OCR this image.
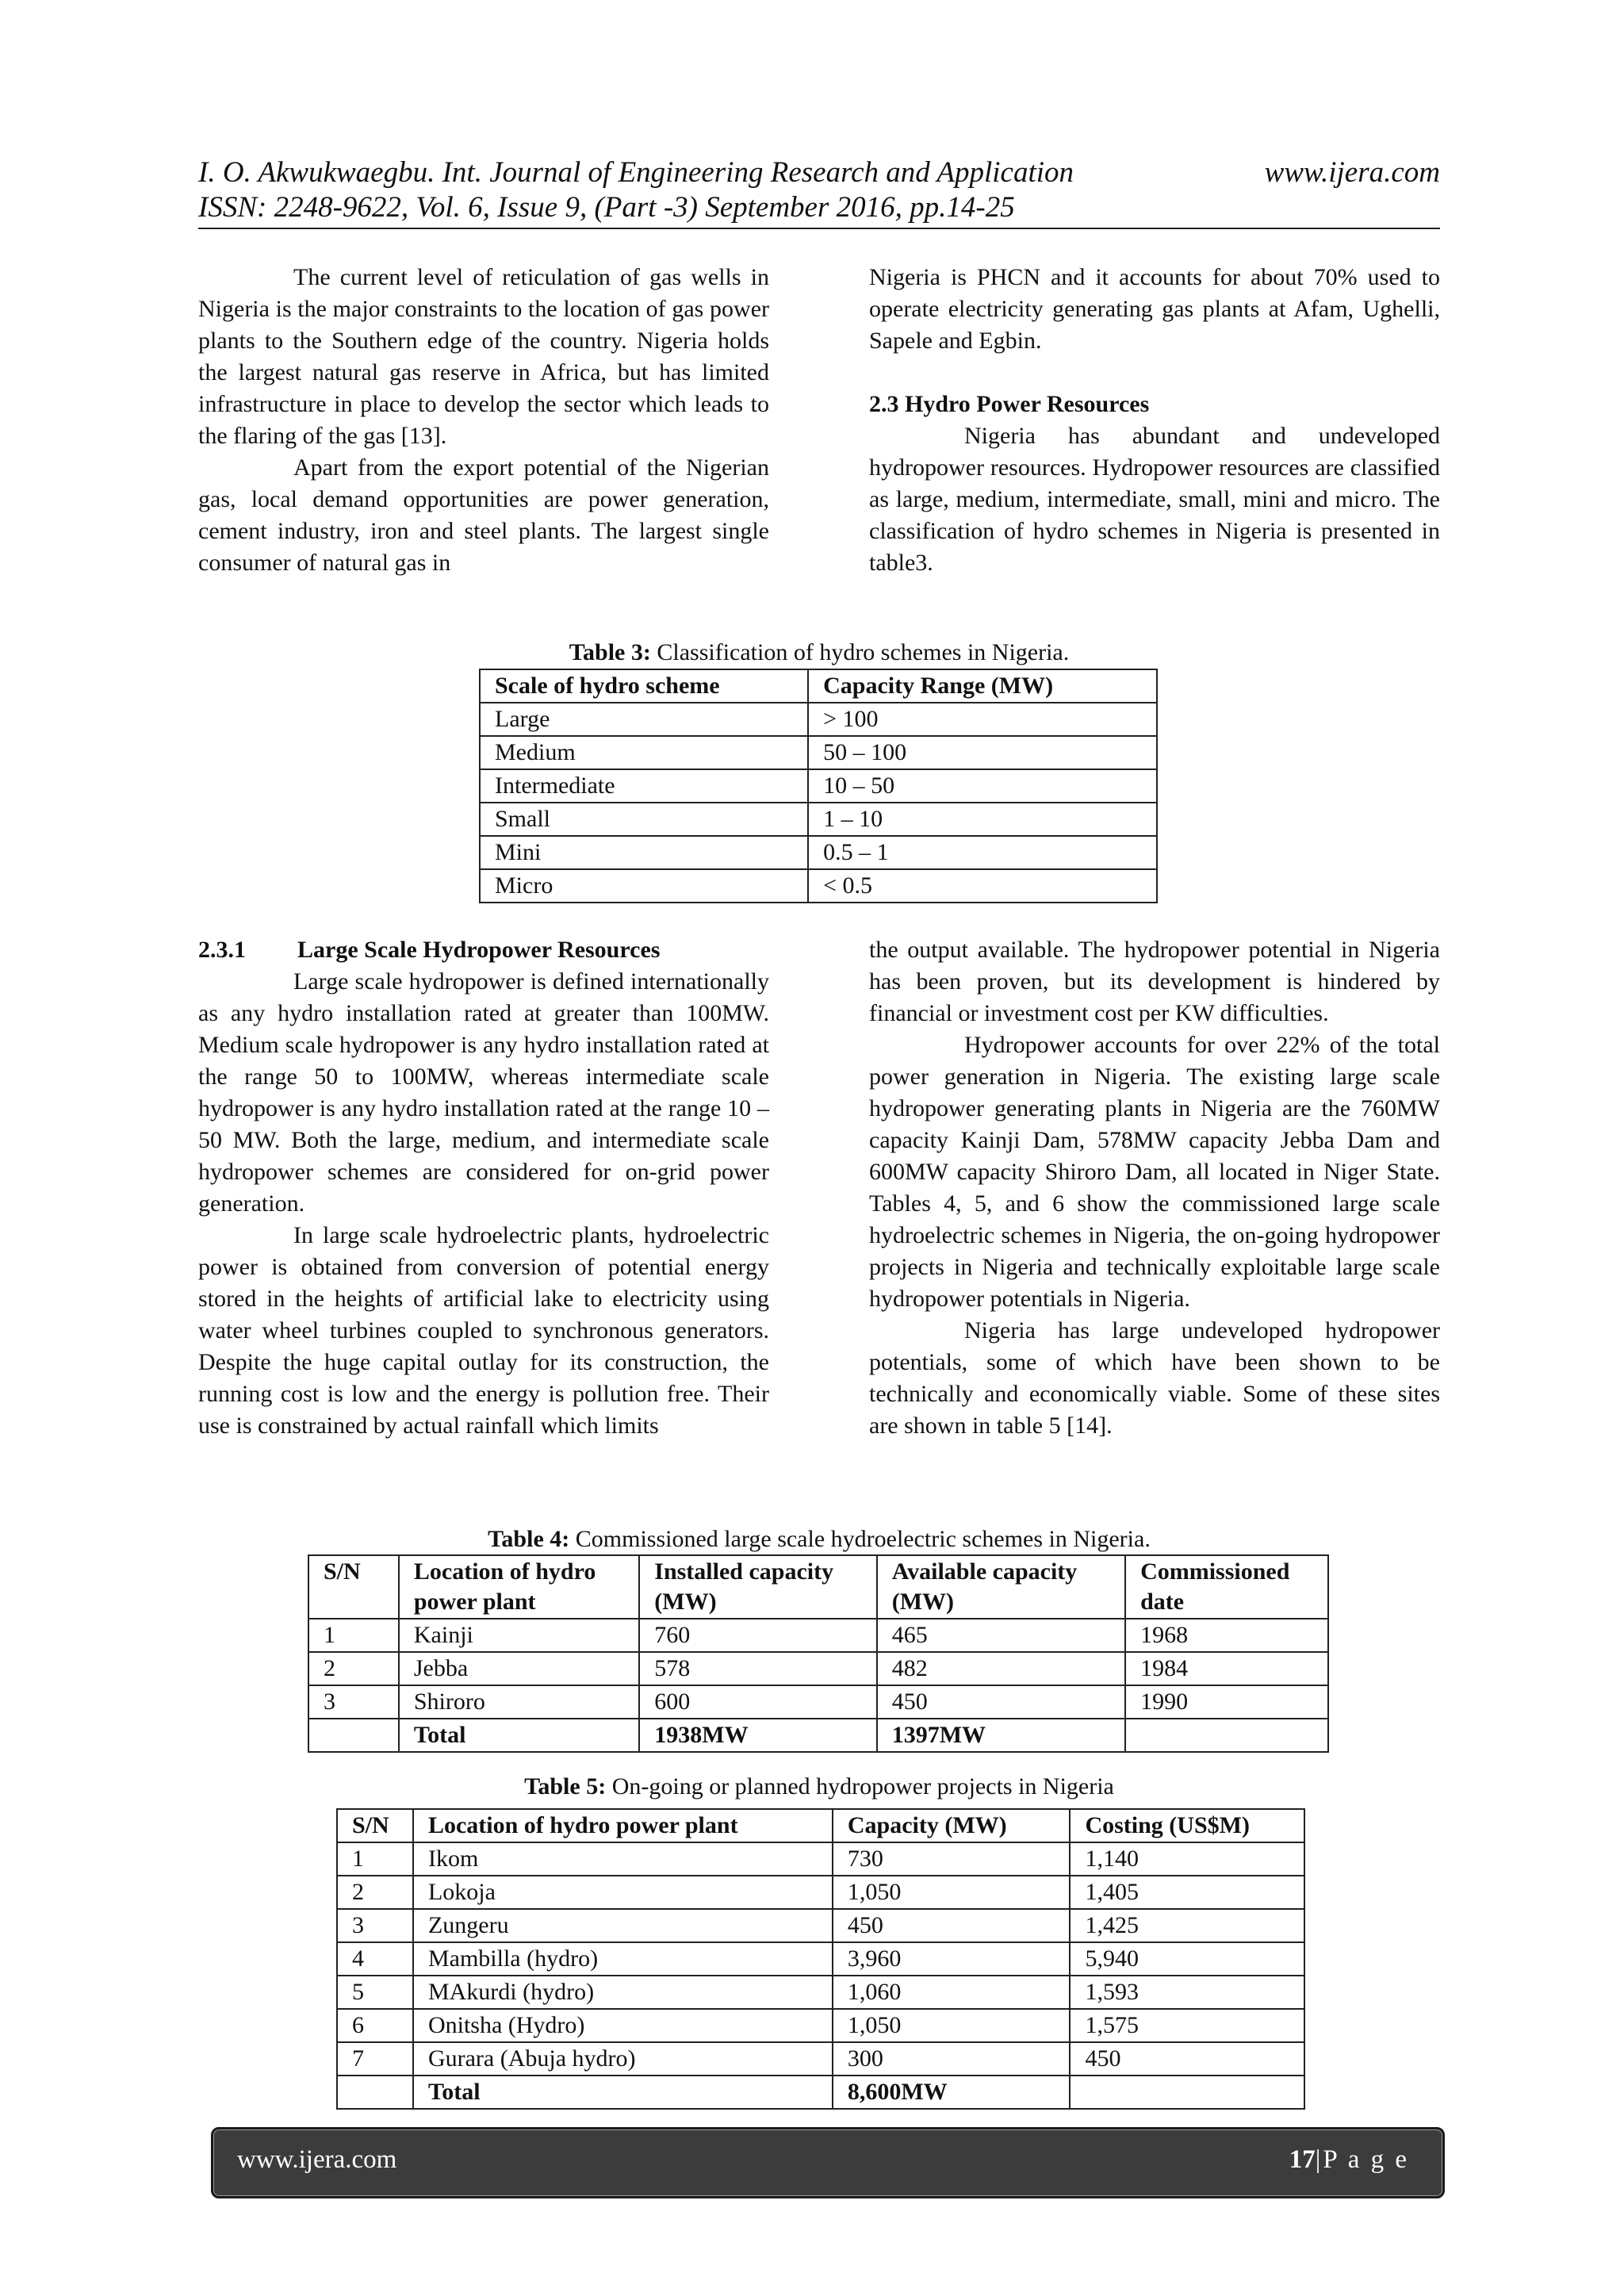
I. O. Akwukwaegbu. Int. Journal of Engineering Research and Application	www.ijera.com
ISSN: 2248-9622, Vol. 6, Issue 9, (Part -3) September 2016, pp.14-25

The current level of reticulation of gas wells in Nigeria is the major constraints to the location of gas power plants to the Southern edge of the country. Nigeria holds the largest natural gas reserve in Africa, but has limited infrastructure in place to develop the sector which leads to the flaring of the gas [13].

Apart from the export potential of the Nigerian gas, local demand opportunities are power generation, cement industry, iron and steel plants. The largest single consumer of natural gas in

Nigeria is PHCN and it accounts for about 70% used to operate electricity generating gas plants at Afam, Ughelli, Sapele and Egbin.

2.3 Hydro Power Resources

Nigeria has abundant and undeveloped hydropower resources. Hydropower resources are classified as large, medium, intermediate, small, mini and micro. The classification of hydro schemes in Nigeria is presented in table3.

Table 3: Classification of hydro schemes in Nigeria.
Scale of hydro scheme	Capacity Range (MW)
Large	> 100
Medium	50 – 100
Intermediate	10 – 50
Small	1 – 10
Mini	0.5 – 1
Micro	< 0.5

2.3.1 Large Scale Hydropower Resources

Large scale hydropower is defined internationally as any hydro installation rated at greater than 100MW. Medium scale hydropower is any hydro installation rated at the range 50 to 100MW, whereas intermediate scale hydropower is any hydro installation rated at the range 10 – 50 MW. Both the large, medium, and intermediate scale hydropower schemes are considered for on-grid power generation.

In large scale hydroelectric plants, hydroelectric power is obtained from conversion of potential energy stored in the heights of artificial lake to electricity using water wheel turbines coupled to synchronous generators. Despite the huge capital outlay for its construction, the running cost is low and the energy is pollution free. Their use is constrained by actual rainfall which limits

the output available. The hydropower potential in Nigeria has been proven, but its development is hindered by financial or investment cost per KW difficulties.

Hydropower accounts for over 22% of the total power generation in Nigeria. The existing large scale hydropower generating plants in Nigeria are the 760MW capacity Kainji Dam, 578MW capacity Jebba Dam and 600MW capacity Shiroro Dam, all located in Niger State. Tables 4, 5, and 6 show the commissioned large scale hydroelectric schemes in Nigeria, the on-going hydropower projects in Nigeria and technically exploitable large scale hydropower potentials in Nigeria.

Nigeria has large undeveloped hydropower potentials, some of which have been shown to be technically and economically viable. Some of these sites are shown in table 5 [14].

Table 4: Commissioned large scale hydroelectric schemes in Nigeria.
S/N	Location of hydro power plant	Installed capacity (MW)	Available capacity (MW)	Commissioned date
1	Kainji	760	465	1968
2	Jebba	578	482	1984
3	Shiroro	600	450	1990
	Total	1938MW	1397MW	
Table 5: On-going or planned hydropower projects in Nigeria
S/N	Location of hydro power plant	Capacity (MW)	Costing (US$M)
1	Ikom	730	1,140
2	Lokoja	1,050	1,405
3	Zungeru	450	1,425
4	Mambilla (hydro)	3,960	5,940
5	MAkurdi (hydro)	1,060	1,593
6	Onitsha (Hydro)	1,050	1,575
7	Gurara (Abuja hydro)	300	450
	Total	8,600MW	
www.ijera.com	17|P a g e
